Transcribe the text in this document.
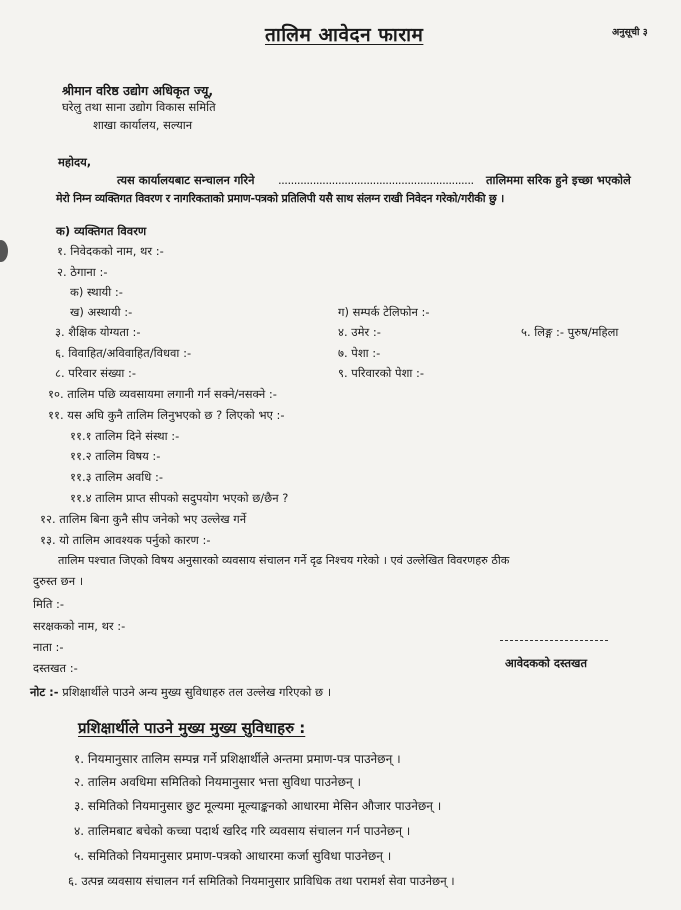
तालिम आवेदन फाराम	अनुसूची ३
श्रीमान वरिष्ठ उद्योग अधिकृत ज्यू,
घरेलु तथा साना उद्योग विकास समिति
शाखा कार्यालय, सल्यान
महोदय,
त्यस कार्यालयबाट सन्चालन गरिने .............................................................. तालिममा सरिक हुने इच्छा भएकोले
मेरो निम्न व्यक्तिगत विवरण र नागरिकताको प्रमाण-पत्रको प्रतिलिपी यसै साथ संलग्न राखी निवेदन गरेको/गरीकी छु ।
क) व्यक्तिगत विवरण
१. निवेदकको नाम, थर :-
२. ठेगाना :-
क) स्थायी :-
ख) अस्थायी :-	ग) सम्पर्क टेलिफोन :-
३. शैक्षिक योग्यता :-	४. उमेर :-	५. लिङ्ग :- पुरुष/महिला
६. विवाहित/अविवाहित/विधवा :-	७. पेशा :-
८. परिवार संख्या :-	९. परिवारको पेशा :-
१०. तालिम पछि व्यवसायमा लगानी गर्न सक्ने/नसक्ने :-
११. यस अघि कुनै तालिम लिनुभएको छ ? लिएको भए :-
११.१ तालिम दिने संस्था :-
११.२ तालिम विषय :-
११.३ तालिम अवधि :-
११.४ तालिम प्राप्त सीपको सदुपयोग भएको छ/छैन ?
१२. तालिम बिना कुनै सीप जनेको भए उल्लेख गर्ने
१३. यो तालिम आवश्यक पर्नुको कारण :-
तालिम पश्चात जिएको विषय अनुसारको व्यवसाय संचालन गर्ने दृढ निश्चय गरेको । एवं उल्लेखित विवरणहरु ठीक
दुरुस्त छन ।
मिति :-
सरक्षकको नाम, थर :-
नाता :-
दस्तखत :-	आवेदकको दस्तखत
नोट :- प्रशिक्षार्थीले पाउने अन्य मुख्य सुविधाहरु तल उल्लेख गरिएको छ ।
प्रशिक्षार्थीले पाउने मुख्य मुख्य सुविधाहरु :
१. नियमानुसार तालिम सम्पन्न गर्ने प्रशिक्षार्थीले अन्तमा प्रमाण-पत्र पाउनेछन् ।
२. तालिम अवधिमा समितिको नियमानुसार भत्ता सुविधा पाउनेछन् ।
३. समितिको नियमानुसार छुट मूल्यमा मूल्याङ्कनको आधारमा मेसिन औजार पाउनेछन् ।
४. तालिमबाट बचेको कच्चा पदार्थ खरिद गरि व्यवसाय संचालन गर्न पाउनेछन् ।
५. समितिको नियमानुसार प्रमाण-पत्रको आधारमा कर्जा सुविधा पाउनेछन् ।
६. उत्पन्न व्यवसाय संचालन गर्न समितिको नियमानुसार प्राविधिक तथा परामर्श सेवा पाउनेछन् ।
